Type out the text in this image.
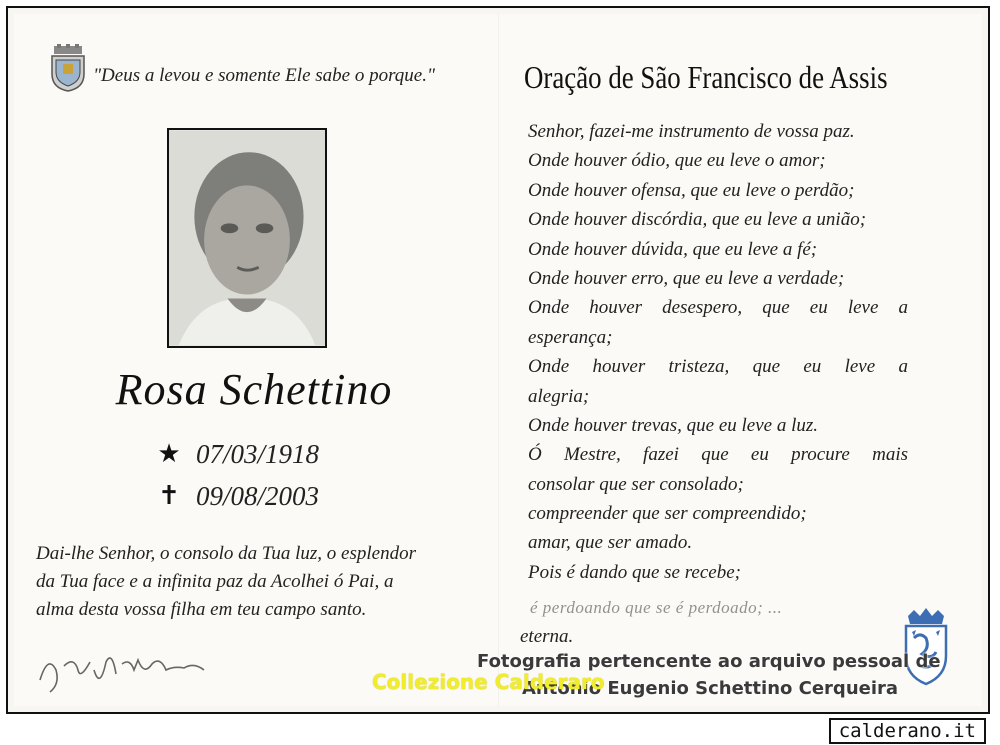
"Deus a levou e somente Ele sabe o porque."
Rosa Schettino
★ 07/03/1918
✝ 09/08/2003
Dai-lhe Senhor, o consolo da Tua luz, o esplendor da Tua face e a infinita paz da Acolhei ó Pai, a alma desta vossa filha em teu campo santo.
Oração de São Francisco de Assis
Senhor, fazei-me instrumento de vossa paz.
Onde houver ódio, que eu leve o amor;
Onde houver ofensa, que eu leve o perdão;
Onde houver discórdia, que eu leve a união;
Onde houver dúvida, que eu leve a fé;
Onde houver erro, que eu leve a verdade;
Onde houver desespero, que eu leve a
esperança;
Onde houver tristeza, que eu leve a
alegria;
Onde houver trevas, que eu leve a luz.
Ó Mestre, fazei que eu procure mais
consolar que ser consolado;
compreender que ser compreendido;
amar, que ser amado.
Pois é dando que se recebe;
é perdoando que se é perdoado; ...
eterna.
Fotografia pertencente ao arquivo pessoal de
Antonio Eugenio Schettino Cerqueira
Collezione Calderaro
calderano.it
